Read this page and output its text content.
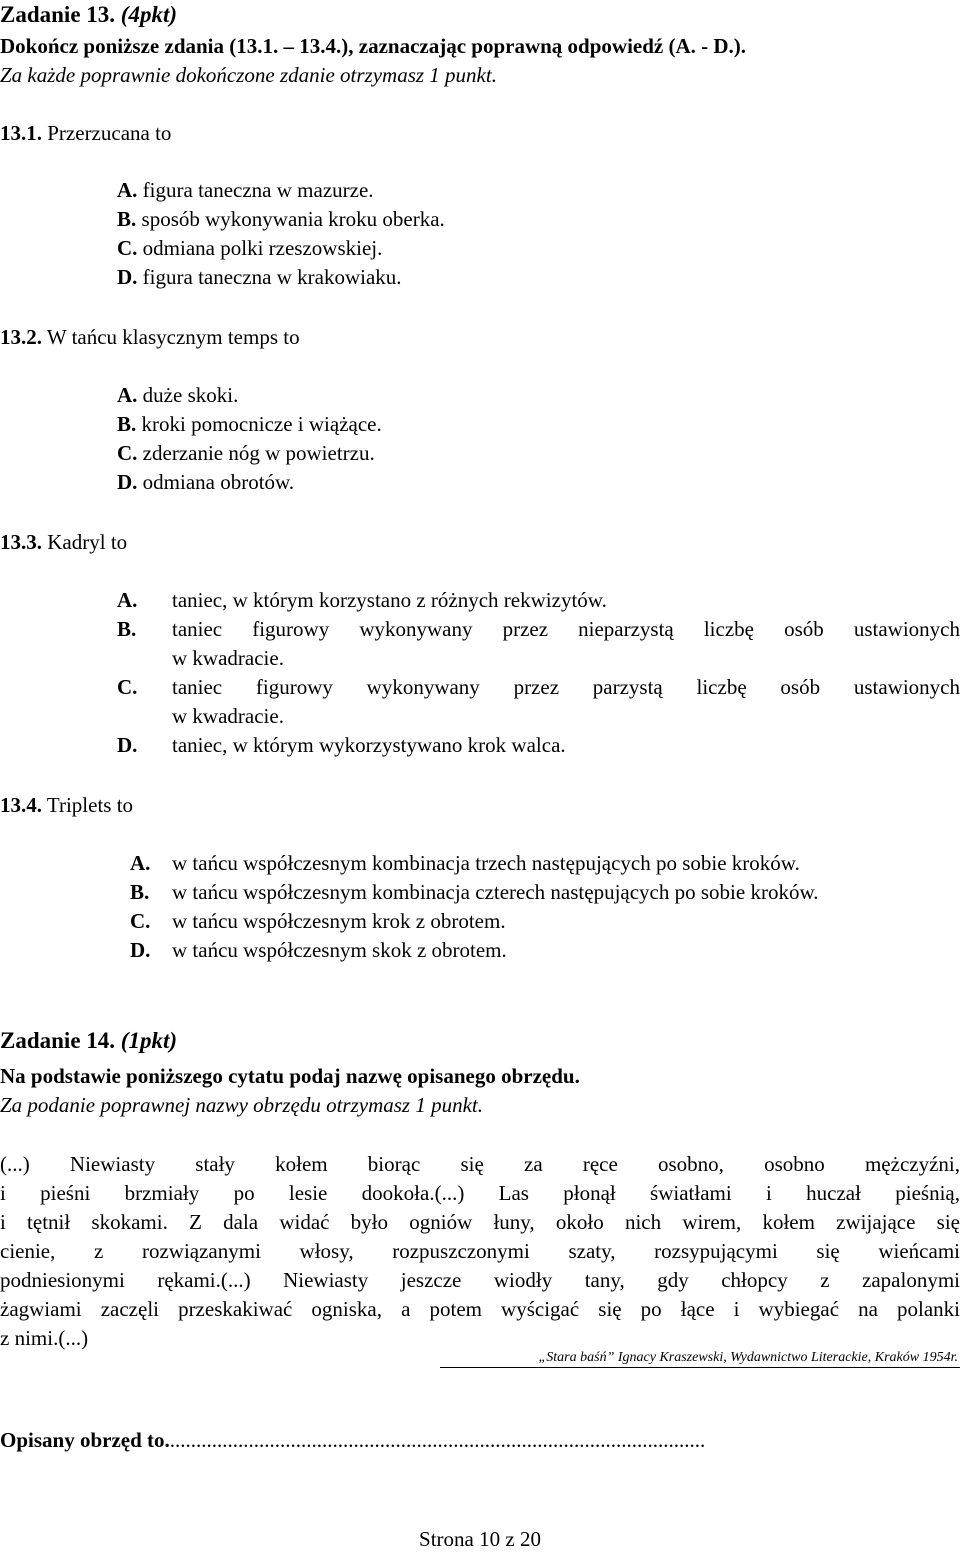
Zadanie 13. (4pkt)
Dokończ poniższe zdania (13.1. – 13.4.), zaznaczając poprawną odpowiedź (A. - D.).
Za każde poprawnie dokończone zdanie otrzymasz 1 punkt.
13.1. Przerzucana to
A. figura taneczna w mazurze.
B. sposób wykonywania kroku oberka.
C. odmiana polki rzeszowskiej.
D. figura taneczna w krakowiaku.
13.2. W tańcu klasycznym temps to
A. duże skoki.
B. kroki pomocnicze i wiążące.
C. zderzanie nóg w powietrzu.
D. odmiana obrotów.
13.3. Kadryl to
A. taniec, w którym korzystano z różnych rekwizytów.
B.	taniec figurowy wykonywany przez nieparzystą liczbę osób ustawionych
w kwadracie.
C.	taniec figurowy wykonywany przez parzystą liczbę osób ustawionych
w kwadracie.
D. taniec, w którym wykorzystywano krok walca.
13.4. Triplets to
A. w tańcu współczesnym kombinacja trzech następujących po sobie kroków.
B. w tańcu współczesnym kombinacja czterech następujących po sobie kroków.
C. w tańcu współczesnym krok z obrotem.
D. w tańcu współczesnym skok z obrotem.
Zadanie 14. (1pkt)
Na podstawie poniższego cytatu podaj nazwę opisanego obrzędu.
Za podanie poprawnej nazwy obrzędu otrzymasz 1 punkt.

(...) Niewiasty stały kołem biorąc się za ręce osobno, osobno mężczyźni,

i pieśni brzmiały po lesie dookoła.(...) Las płonął światłami i huczał pieśnią,

i tętnił skokami. Z dala widać było ogniów łuny, około nich wirem, kołem zwijające się

cienie, z rozwiązanymi włosy, rozpuszczonymi szaty, rozsypującymi się wieńcami

podniesionymi rękami.(...) Niewiasty jeszcze wiodły tany, gdy chłopcy z zapalonymi

żagwiami zaczęli przeskakiwać ogniska, a potem wyścigać się po łące i wybiegać na polanki

z nimi.(...)

„Stara baśń” Ignacy Kraszewski, Wydawnictwo Literackie, Kraków 1954r.
Opisany obrzęd to.......................................................................................................
Strona 10 z 20
